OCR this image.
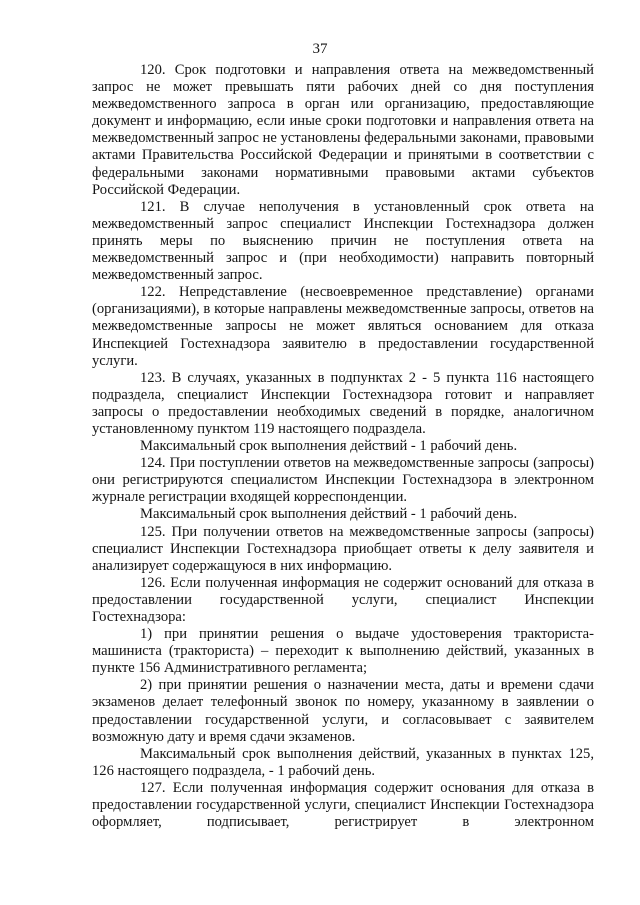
37

120. Срок подготовки и направления ответа на межведомственный запрос не может превышать пяти рабочих дней со дня поступления межведомственного запроса в орган или организацию, предоставляющие документ и информацию, если иные сроки подготовки и направления ответа на межведомственный запрос не установлены федеральными законами, правовыми актами Правительства Российской Федерации и принятыми в соответствии с федеральными законами нормативными правовыми актами субъектов Российской Федерации.

121. В случае неполучения в установленный срок ответа на межведомственный запрос специалист Инспекции Гостехнадзора должен принять меры по выяснению причин не поступления ответа на межведомственный запрос и (при необходимости) направить повторный межведомственный запрос.

122. Непредставление (несвоевременное представление) органами (организациями), в которые направлены межведомственные запросы, ответов на межведомственные запросы не может являться основанием для отказа Инспекцией Гостехнадзора заявителю в предоставлении государственной услуги.

123. В случаях, указанных в подпунктах 2 - 5 пункта 116 настоящего подраздела, специалист Инспекции Гостехнадзора готовит и направляет запросы о предоставлении необходимых сведений в порядке, аналогичном установленному пунктом 119 настоящего подраздела.

Максимальный срок выполнения действий - 1 рабочий день.

124. При поступлении ответов на межведомственные запросы (запросы) они регистрируются специалистом Инспекции Гостехнадзора в электронном журнале регистрации входящей корреспонденции.

Максимальный срок выполнения действий - 1 рабочий день.

125. При получении ответов на межведомственные запросы (запросы) специалист Инспекции Гостехнадзора приобщает ответы к делу заявителя и анализирует содержащуюся в них информацию.

126. Если полученная информация не содержит оснований для отказа в предоставлении государственной услуги, специалист Инспекции Гостехнадзора:

1) при принятии решения о выдаче удостоверения тракториста-машиниста (тракториста) – переходит к выполнению действий, указанных в пункте 156 Административного регламента;

2) при принятии решения о назначении места, даты и времени сдачи экзаменов делает телефонный звонок по номеру, указанному в заявлении о предоставлении государственной услуги, и согласовывает с заявителем возможную дату и время сдачи экзаменов.

Максимальный срок выполнения действий, указанных в пунктах 125, 126 настоящего подраздела, - 1 рабочий день.

127. Если полученная информация содержит основания для отказа в предоставлении государственной услуги, специалист Инспекции Гостехнадзора оформляет, подписывает, регистрирует в электронном
